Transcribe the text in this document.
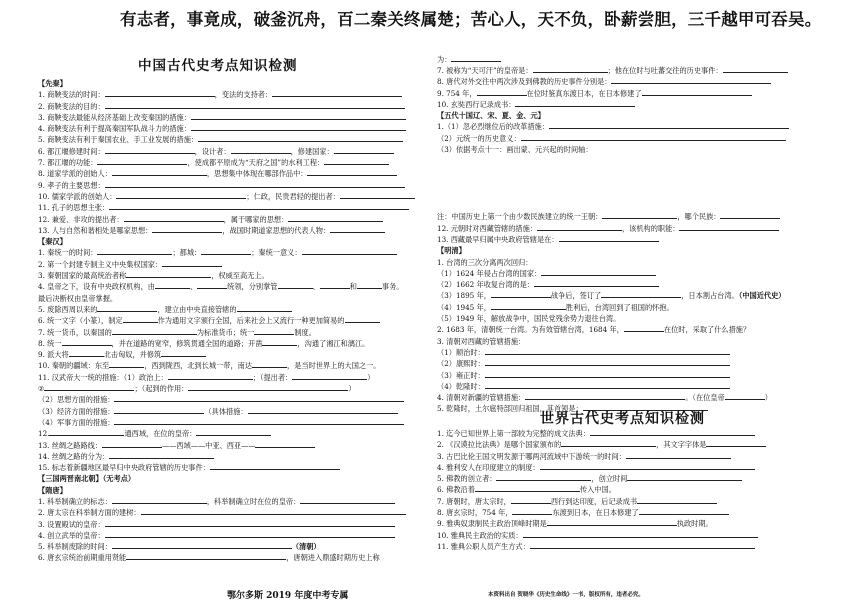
有志者，事竟成，破釜沉舟，百二秦关终属楚；苦心人，天不负，卧薪尝胆，三千越甲可吞吴。
中国古代史考点知识检测	为：
【先秦】
1. 商鞅变法的时间：	，变法的支持者：
2. 商鞅变法的目的：
3. 商鞅变法最能从经济基础上改变秦国的措施：
4. 商鞅变法有利于提高秦国军队战斗力的措施：
5. 商鞅变法有利于秦国农业、手工业发展的措施：
6. 都江堰修建时间：	，设计者：	，修建国家：
7. 都江堰的功能：	，使成都平原成为“天府之国”的水利工程：
8. 道家学派的创始人：	，思想集中体现在哪部作品中：
9. 孝子的主要思想：
10. 儒家学派的创始人：	；仁政，民贵君轻的提出者：
11. 孔子的思想主张：
12. 兼爱、非攻的提出者：	，属于哪家的思想：
13. 人与自然和谐相处是哪家思想：	，战国时期道家思想的代表人物：
【秦汉】
1. 秦统一的时间：	；都城：	；秦统一意义：
2. 第一个封建专制主义中央集权国家：
3. 秦朝国家的最高统治者称	，权威至高无上。
4. 皇帝之下，设有中央政权机构，由	、	统领，分别掌管	、	和	事务。
最后决断权由皇帝掌握。
5. 废除西周以来的	，建立由中央直接管辖的
6. 统一文字（小篆），制定	作为通用文字颁行全国，后来社会上又流行一种更加简易的
7. 统一货币，以秦国的	为标准货币；统一	制度。
8. 统一	，并在道路的宽窄，修筑贯通全国的道路；开凿	，沟通了湘江和漓江。
9. 派大将	北击匈奴，并修筑
10. 秦朝的疆域：东至	，西到陇西，北到长城一带，南达	，是当时世界上的大国之一。
11. 汉武帝大一统的措施：（1）政治上：	；（提出者：	）
②	；（起到的作用：	）
（2）思想方面的措施：
（3）经济方面的措施：	（具体措施：
（4）军事方面的措施：
12.	通西域，在位的皇帝：
13. 丝绸之路路线：	——西域——中亚、西亚——
14. 丝绸之路的分为：
15. 标志着新疆地区最早归中央政府管辖的历史事件：
【三国两晋南北朝】（无考点）
【隋唐】
1. 科举制确立的标志：	，科举制确立时在位的皇帝：
2. 唐太宗在科举制方面的建树：
3. 设置殿试的皇帝：
4. 创立武举的皇帝：
5. 科举制废除的时间：	（清朝）
6. 唐玄宗统治前期重用贤能	，唐朝进入鼎盛时期历史上称
7. 被称为“天可汗”的皇帝是：	；他在位时与吐蕃交往的历史事件：
8. 唐代对外交往中两次涉及到佛教的历史事件分别是：
9. 754 年，	在位时鉴真东渡日本，在日本修建了
10. 玄奘西行记录成书：
【五代十国辽、宋、夏、金、元】
1.（1）忽必烈继位后的改革措施：
（2）元统一的历史意义：
（3）依据考点十一：画出蒙、元兴起的时间轴：
注：中国历史上第一个由少数民族建立的统一王朝：	，哪个民族：
12. 元朝时对西藏管辖的措施：	，该机构的职能：
13. 西藏最早归属中央政府管辖是在：
【明清】
1. 台湾的三次分离两次回归：
（1）1624 年侵占台湾的国家：
（2）1662 年收复台湾的是：
（3）1895 年，	战争后，签订了	，日本割占台湾。（中国近代史）
（4）1945 年，	胜利后，台湾回到了祖国的怀抱。
（5）1949 年，解放战争中，国民党残余势力退往台湾。
2. 1683 年，清朝统一台湾。为有效管辖台湾，1684 年，	在位时，采取了什么措施？
3. 清朝对西藏的管辖措施：
（1）顺治时：
（2）康熙时：
（3）雍正时：
（4）乾隆时：
4. 清朝对新疆的管辖措施：	。（在位皇帝	）
5. 乾隆时，土尔扈特部回归祖国，其首领是：
世界古代史考点知识检测
1. 迄今已知世界上第一部较为完整的成文法典：
2. 《汉谟拉比法典》是哪个国家颁布的	，其文字字体是
3. 古巴比伦王国文明发源于哪两河流域中下游统一的时间：
4. 雅利安人在印度建立的制度：
5. 佛教的创立者：	，创立时间
6. 佛教沿着	传入中国。
7. 唐朝时，唐太宗时，	西行到达印度，后记录成书
8. 唐玄宗时，754 年，	东渡到日本，在日本修建了
9. 雅典奴隶制民主政治顶峰时期是	执政时期。
10. 雅典民主政治的实质：
11. 雅典公职人员产生方式：
鄂尔多斯 2019 年度中考专属	本资料出自 贺晓华《历史生命线》一书，版权所有，违者必究。
